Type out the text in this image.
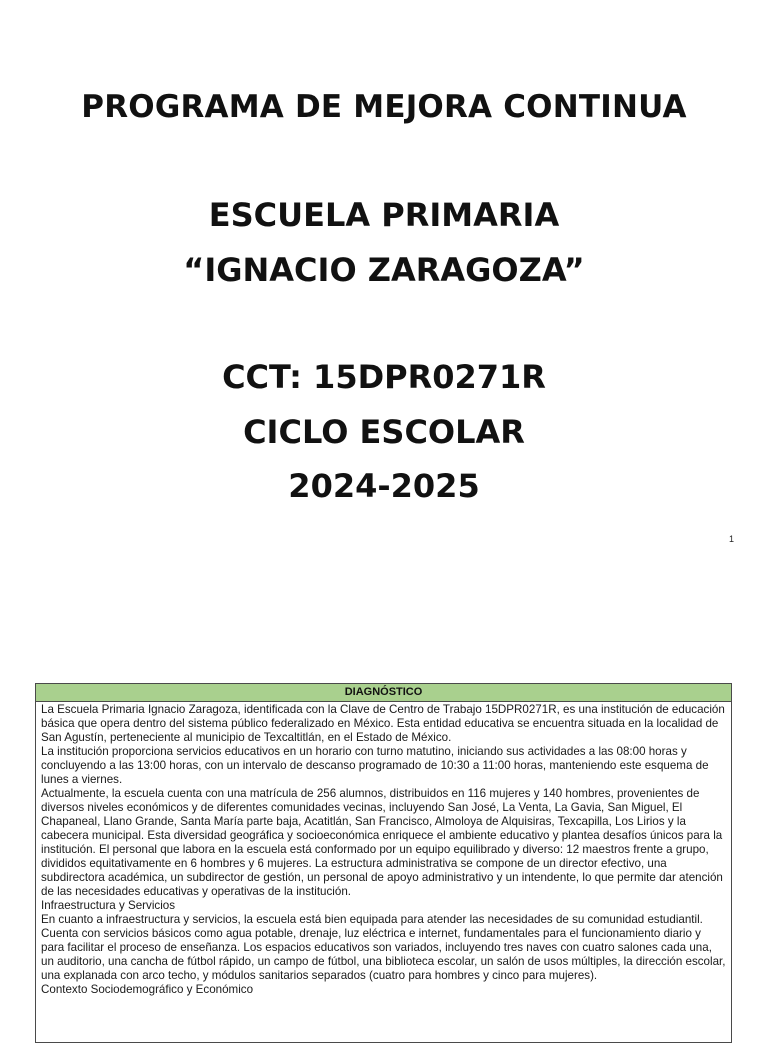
PROGRAMA DE MEJORA CONTINUA
ESCUELA PRIMARIA
“IGNACIO ZARAGOZA”
CCT: 15DPR0271R
CICLO ESCOLAR
2024-2025
1
DIAGNÓSTICO

La Escuela Primaria Ignacio Zaragoza, identificada con la Clave de Centro de Trabajo 15DPR0271R, es una institución de educación básica que opera dentro del sistema público federalizado en México. Esta entidad educativa se encuentra situada en la localidad de San Agustín, perteneciente al municipio de Texcaltitlán, en el Estado de México.

La institución proporciona servicios educativos en un horario con turno matutino, iniciando sus actividades a las 08:00 horas y concluyendo a las 13:00 horas, con un intervalo de descanso programado de 10:30 a 11:00 horas, manteniendo este esquema de lunes a viernes.

Actualmente, la escuela cuenta con una matrícula de 256 alumnos, distribuidos en 116 mujeres y 140 hombres, provenientes de diversos niveles económicos y de diferentes comunidades vecinas, incluyendo San José, La Venta, La Gavia, San Miguel, El Chapaneal, Llano Grande, Santa María parte baja, Acatitlán, San Francisco, Almoloya de Alquisiras, Texcapilla, Los Lirios y la cabecera municipal. Esta diversidad geográfica y socioeconómica enriquece el ambiente educativo y plantea desafíos únicos para la institución. El personal que labora en la escuela está conformado por un equipo equilibrado y diverso: 12 maestros frente a grupo, divididos equitativamente en 6 hombres y 6 mujeres. La estructura administrativa se compone de un director efectivo, una subdirectora académica, un subdirector de gestión, un personal de apoyo administrativo y un intendente, lo que permite dar atención de las necesidades educativas y operativas de la institución.

Infraestructura y Servicios

En cuanto a infraestructura y servicios, la escuela está bien equipada para atender las necesidades de su comunidad estudiantil. Cuenta con servicios básicos como agua potable, drenaje, luz eléctrica e internet, fundamentales para el funcionamiento diario y para facilitar el proceso de enseñanza. Los espacios educativos son variados, incluyendo tres naves con cuatro salones cada una, un auditorio, una cancha de fútbol rápido, un campo de fútbol, una biblioteca escolar, un salón de usos múltiples, la dirección escolar, una explanada con arco techo, y módulos sanitarios separados (cuatro para hombres y cinco para mujeres).

Contexto Sociodemográfico y Económico
